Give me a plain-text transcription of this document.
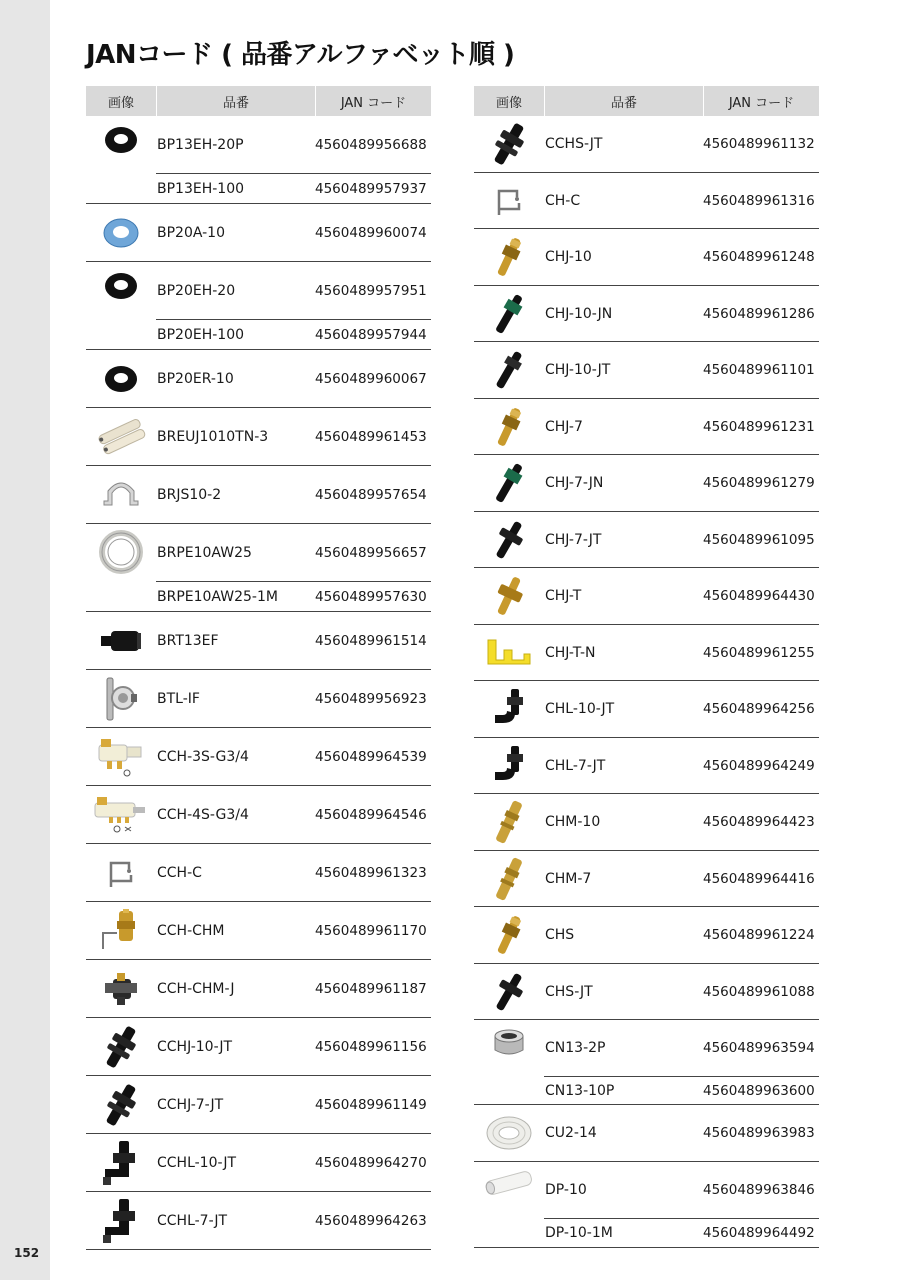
152
JANコード ( 品番アルファベット順 )
画像	品番	JAN コード
BP13EH-20P	4560489956688
BP13EH-100	4560489957937
BP20A-10	4560489960074
BP20EH-20	4560489957951
BP20EH-100	4560489957944
BP20ER-10	4560489960067
BREUJ1010TN-3	4560489961453
BRJS10-2	4560489957654
BRPE10AW25	4560489956657
BRPE10AW25-1M	4560489957630
BRT13EF	4560489961514
BTL-IF	4560489956923
CCH-3S-G3/4	4560489964539
CCH-4S-G3/4	4560489964546
CCH-C	4560489961323
CCH-CHM	4560489961170
CCH-CHM-J	4560489961187
CCHJ-10-JT	4560489961156
CCHJ-7-JT	4560489961149
CCHL-10-JT	4560489964270
CCHL-7-JT	4560489964263
画像	品番	JAN コード
CCHS-JT	4560489961132
CH-C	4560489961316
CHJ-10	4560489961248
CHJ-10-JN	4560489961286
CHJ-10-JT	4560489961101
CHJ-7	4560489961231
CHJ-7-JN	4560489961279
CHJ-7-JT	4560489961095
CHJ-T	4560489964430
CHJ-T-N	4560489961255
CHL-10-JT	4560489964256
CHL-7-JT	4560489964249
CHM-10	4560489964423
CHM-7	4560489964416
CHS	4560489961224
CHS-JT	4560489961088
CN13-2P	4560489963594
CN13-10P	4560489963600
CU2-14	4560489963983
DP-10	4560489963846
DP-10-1M	4560489964492
